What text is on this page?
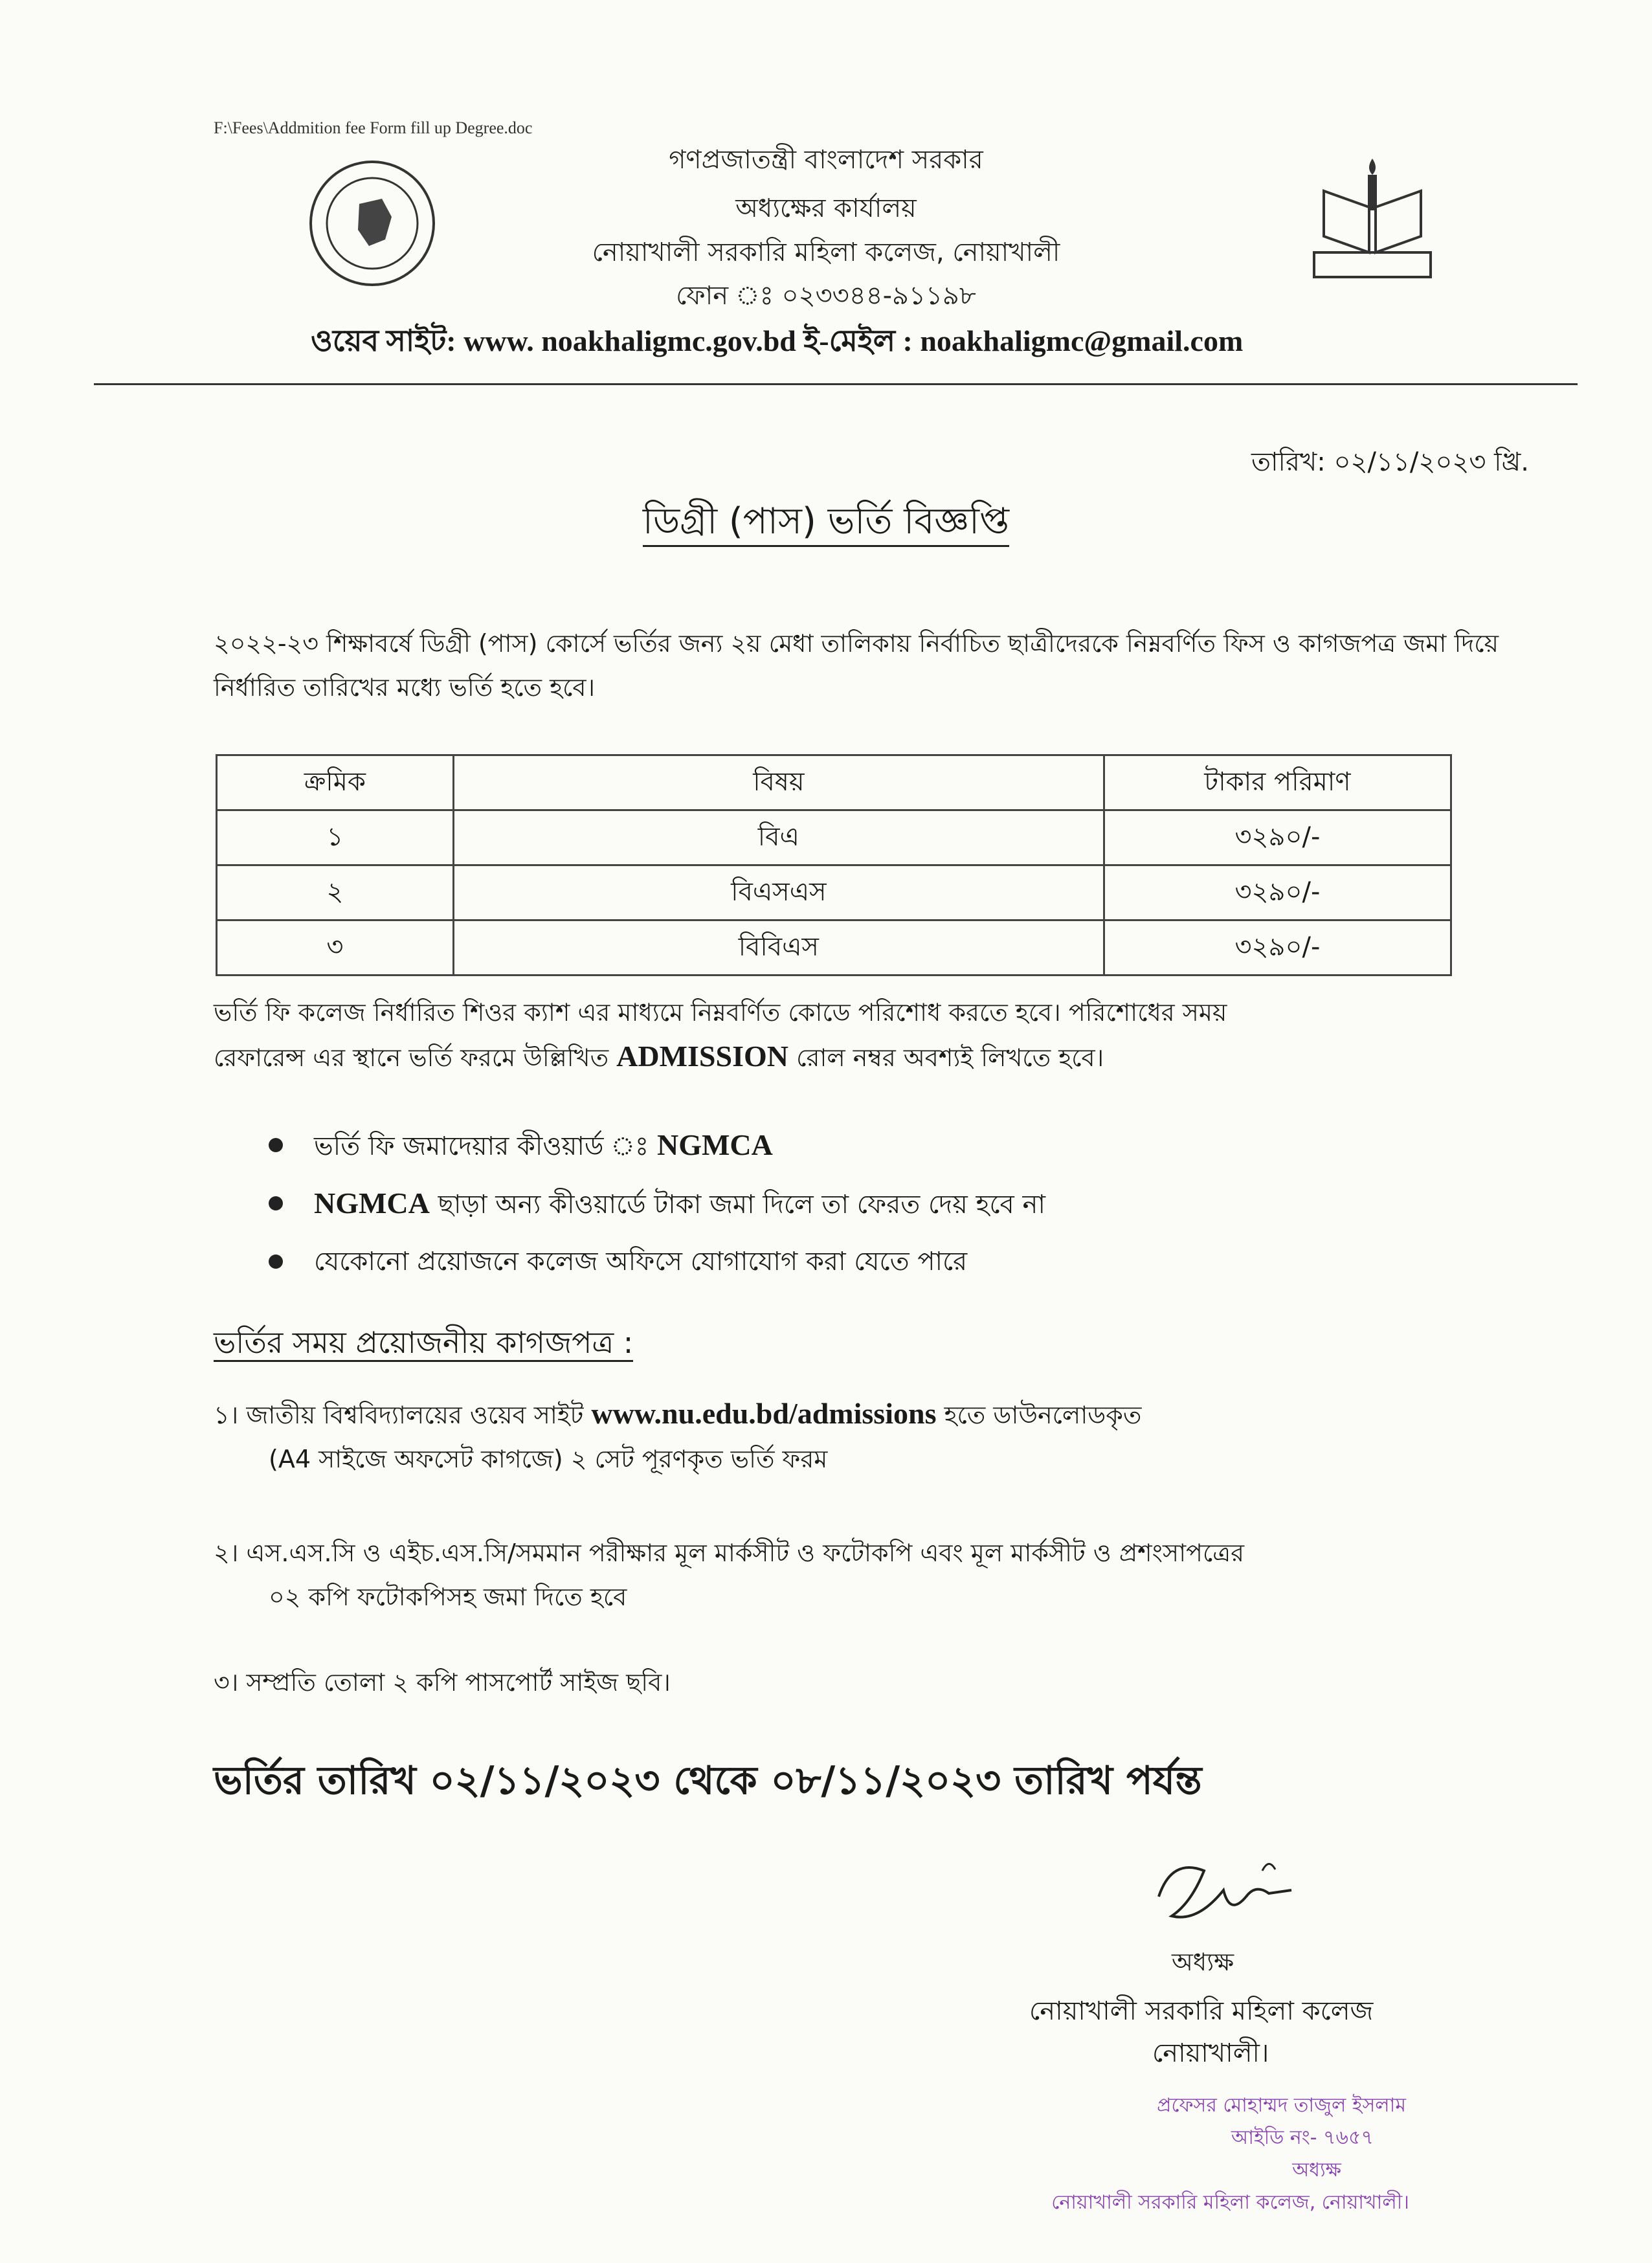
F:\Fees\Addmition fee Form fill up Degree.doc
গণপ্রজাতন্ত্রী বাংলাদেশ সরকার
অধ্যক্ষের কার্যালয়
নোয়াখালী সরকারি মহিলা কলেজ, নোয়াখালী
ফোন ঃ ০২৩৩৪৪-৯১১৯৮
ওয়েব সাইট: www. noakhaligmc.gov.bd ই-মেইল : noakhaligmc@gmail.com
তারিখ: ০২/১১/২০২৩ খ্রি.
ডিগ্রী (পাস) ভর্তি বিজ্ঞপ্তি
২০২২-২৩ শিক্ষাবর্ষে ডিগ্রী (পাস) কোর্সে ভর্তির জন্য ২য় মেধা তালিকায় নির্বাচিত ছাত্রীদেরকে নিম্নবর্ণিত ফিস ও কাগজপত্র জমা দিয়ে নির্ধারিত তারিখের মধ্যে ভর্তি হতে হবে।
ক্রমিক	বিষয়	টাকার পরিমাণ
১	বিএ	৩২৯০/-
২	বিএসএস	৩২৯০/-
৩	বিবিএস	৩২৯০/-
ভর্তি ফি কলেজ নির্ধারিত শিওর ক্যাশ এর মাধ্যমে নিম্নবর্ণিত কোডে পরিশোধ করতে হবে। পরিশোধের সময়
রেফারেন্স এর স্থানে ভর্তি ফরমে উল্লিখিত ADMISSION রোল নম্বর অবশ্যই লিখতে হবে।
ভর্তি ফি জমাদেয়ার কীওয়ার্ড ঃ NGMCA
NGMCA ছাড়া অন্য কীওয়ার্ডে টাকা জমা দিলে তা ফেরত দেয় হবে না
যেকোনো প্রয়োজনে কলেজ অফিসে যোগাযোগ করা যেতে পারে
ভর্তির সময় প্রয়োজনীয় কাগজপত্র :
১। জাতীয় বিশ্ববিদ্যালয়ের ওয়েব সাইট www.nu.edu.bd/admissions হতে ডাউনলোডকৃত
(A4 সাইজে অফসেট কাগজে) ২ সেট পূরণকৃত ভর্তি ফরম
২। এস.এস.সি ও এইচ.এস.সি/সমমান পরীক্ষার মূল মার্কসীট ও ফটোকপি এবং মূল মার্কসীট ও প্রশংসাপত্রের
০২ কপি ফটোকপিসহ জমা দিতে হবে
৩। সম্প্রতি তোলা ২ কপি পাসপোর্ট সাইজ ছবি।
ভর্তির তারিখ ০২/১১/২০২৩ থেকে ০৮/১১/২০২৩ তারিখ পর্যন্ত
অধ্যক্ষ
নোয়াখালী সরকারি মহিলা কলেজ
নোয়াখালী।
প্রফেসর মোহাম্মদ তাজুল ইসলাম
আইডি নং- ৭৬৫৭
অধ্যক্ষ
নোয়াখালী সরকারি মহিলা কলেজ, নোয়াখালী।
